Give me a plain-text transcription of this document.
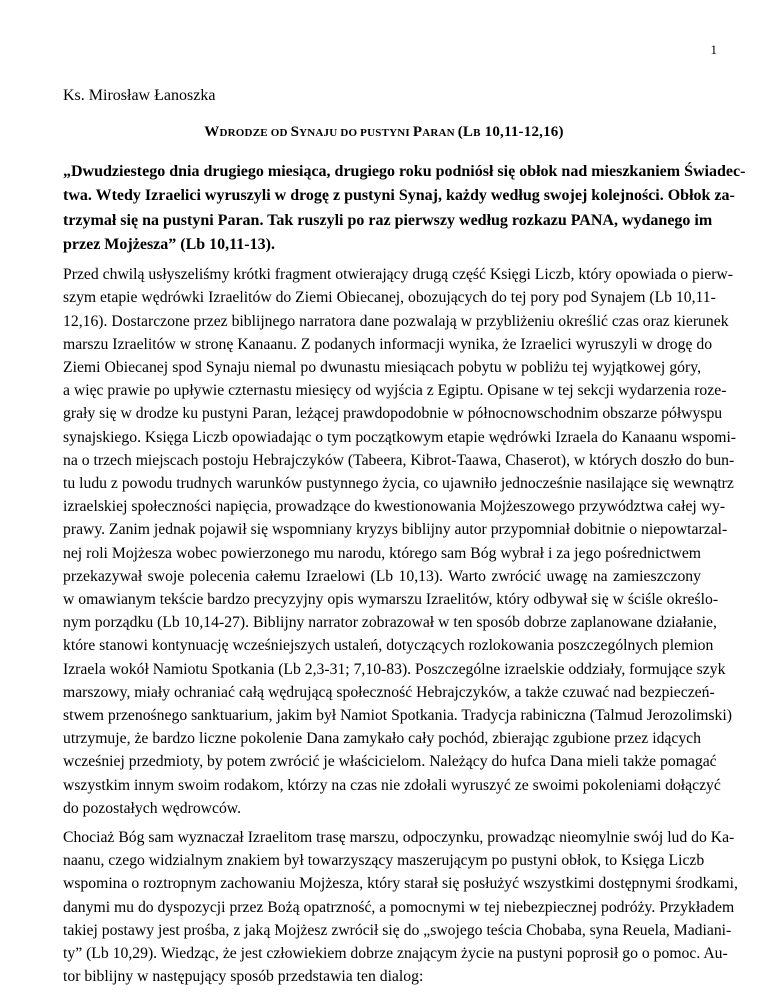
1
Ks. Mirosław Łanoszka
WDRODZE OD SYNAJU DO PUSTYNI PARAN (LB 10,11-12,16)
„Dwudziestego dnia drugiego miesiąca, drugiego roku podniósł się obłok nad mieszkaniem Świadec-
twa. Wtedy Izraelici wyruszyli w drogę z pustyni Synaj, każdy według swojej kolejności. Obłok za-
trzymał się na pustyni Paran. Tak ruszyli po raz pierwszy według rozkazu PANA, wydanego im
przez Mojżesza” (Lb 10,11-13).
Przed chwilą usłyszeliśmy krótki fragment otwierający drugą część Księgi Liczb, który opowiada o pierw-
szym etapie wędrówki Izraelitów do Ziemi Obiecanej, obozujących do tej pory pod Synajem (Lb 10,11-
12,16). Dostarczone przez biblijnego narratora dane pozwalają w przybliżeniu określić czas oraz kierunek
marszu Izraelitów w stronę Kanaanu. Z podanych informacji wynika, że Izraelici wyruszyli w drogę do
Ziemi Obiecanej spod Synaju niemal po dwunastu miesiącach pobytu w pobliżu tej wyjątkowej góry,
a więc prawie po upływie czternastu miesięcy od wyjścia z Egiptu. Opisane w tej sekcji wydarzenia roze-
grały się w drodze ku pustyni Paran, leżącej prawdopodobnie w północnowschodnim obszarze półwyspu
synajskiego. Księga Liczb opowiadając o tym początkowym etapie wędrówki Izraela do Kanaanu wspomi-
na o trzech miejscach postoju Hebrajczyków (Tabeera, Kibrot-Taawa, Chaserot), w których doszło do bun-
tu ludu z powodu trudnych warunków pustynnego życia, co ujawniło jednocześnie nasilające się wewnątrz
izraelskiej społeczności napięcia, prowadzące do kwestionowania Mojżeszowego przywództwa całej wy-
prawy. Zanim jednak pojawił się wspomniany kryzys biblijny autor przypomniał dobitnie o niepowtarzal-
nej roli Mojżesza wobec powierzonego mu narodu, którego sam Bóg wybrał i za jego pośrednictwem
przekazywał swoje polecenia całemu Izraelowi (Lb 10,13). Warto zwrócić uwagę na zamieszczony
w omawianym tekście bardzo precyzyjny opis wymarszu Izraelitów, który odbywał się w ściśle określo-
nym porządku (Lb 10,14-27). Biblijny narrator zobrazował w ten sposób dobrze zaplanowane działanie,
które stanowi kontynuację wcześniejszych ustaleń, dotyczących rozlokowania poszczególnych plemion
Izraela wokół Namiotu Spotkania (Lb 2,3-31; 7,10-83). Poszczególne izraelskie oddziały, formujące szyk
marszowy, miały ochraniać całą wędrującą społeczność Hebrajczyków, a także czuwać nad bezpieczeń-
stwem przenośnego sanktuarium, jakim był Namiot Spotkania. Tradycja rabiniczna (Talmud Jerozolimski)
utrzymuje, że bardzo liczne pokolenie Dana zamykało cały pochód, zbierając zgubione przez idących
wcześniej przedmioty, by potem zwrócić je właścicielom. Należący do hufca Dana mieli także pomagać
wszystkim innym swoim rodakom, którzy na czas nie zdołali wyruszyć ze swoimi pokoleniami dołączyć
do pozostałych wędrowców.
Chociaż Bóg sam wyznaczał Izraelitom trasę marszu, odpoczynku, prowadząc nieomylnie swój lud do Ka-
naanu, czego widzialnym znakiem był towarzyszący maszerującym po pustyni obłok, to Księga Liczb
wspomina o roztropnym zachowaniu Mojżesza, który starał się posłużyć wszystkimi dostępnymi środkami,
danymi mu do dyspozycji przez Bożą opatrzność, a pomocnymi w tej niebezpiecznej podróży. Przykładem
takiej postawy jest prośba, z jaką Mojżesz zwrócił się do „swojego teścia Chobaba, syna Reuela, Madiani-
ty” (Lb 10,29). Wiedząc, że jest człowiekiem dobrze znającym życie na pustyni poprosił go o pomoc. Au-
tor biblijny w następujący sposób przedstawia ten dialog:
